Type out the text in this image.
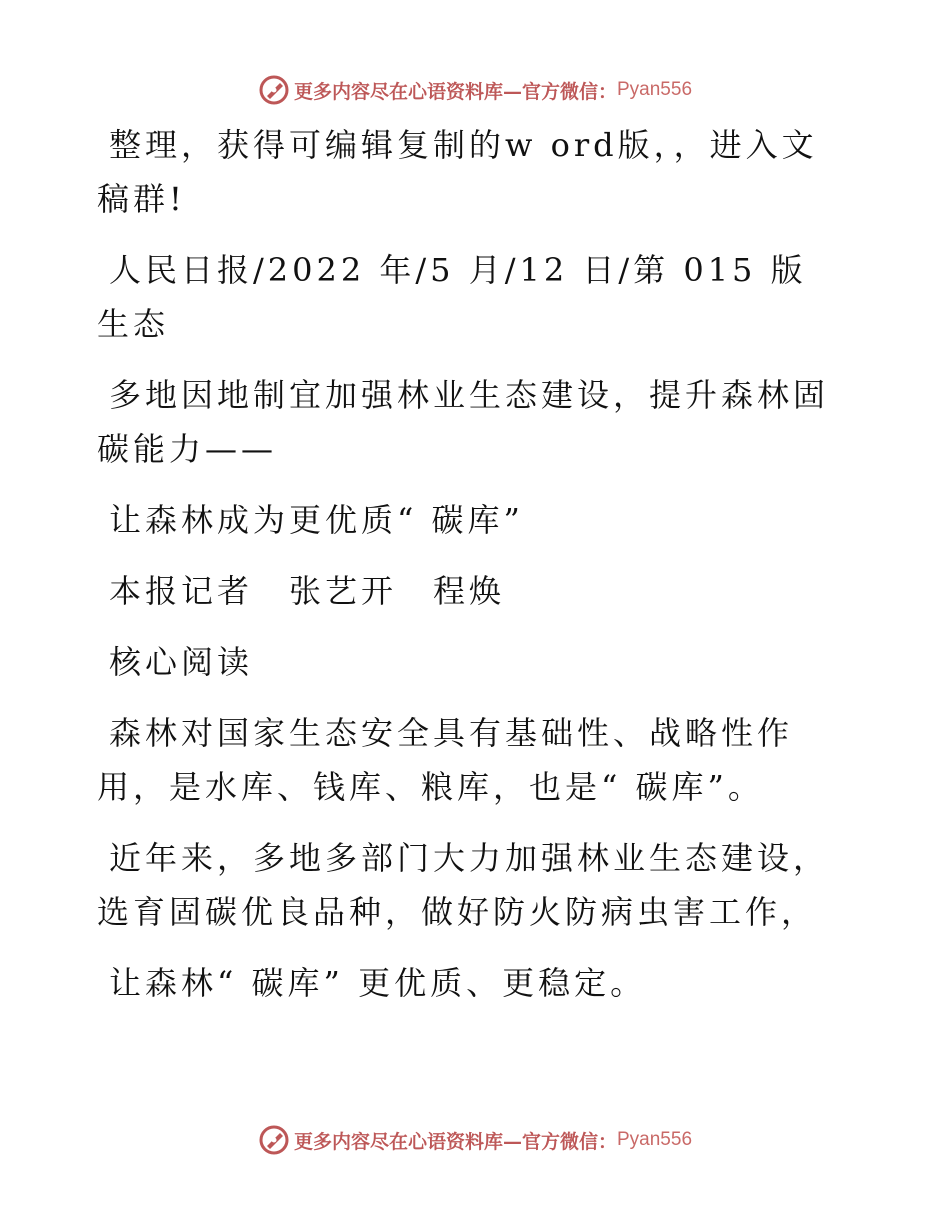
更多内容尽在心语资料库—官方微信： Pyan556

整理，获得可编辑复制的w ord版，，进入文稿群!

人民日报/2022 年/5 月/12 日/第 015 版生态

多地因地制宜加强林业生态建设，提升森林固碳能力——

让森林成为更优质“ 碳库”

本报记者　张艺开　程焕

核心阅读

森林对国家生态安全具有基础性、战略性作用，是水库、钱库、粮库，也是“ 碳库”。

近年来，多地多部门大力加强林业生态建设，选育固碳优良品种，做好防火防病虫害工作，

让森林“ 碳库” 更优质、更稳定。

更多内容尽在心语资料库—官方微信： Pyan556
